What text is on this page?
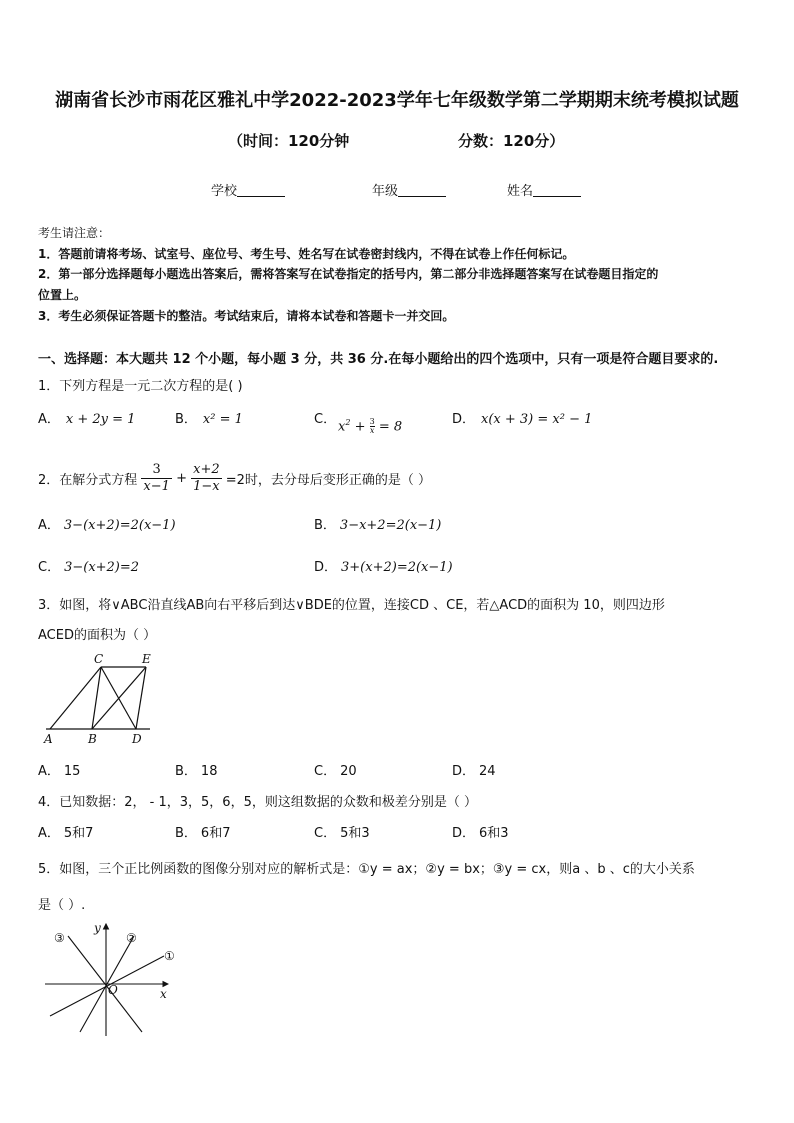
湖南省长沙市雨花区雅礼中学2022-2023学年七年级数学第二学期期末统考模拟试题
（时间：120分钟	分数：120分）
学校	年级	姓名
考生请注意：
1．答题前请将考场、试室号、座位号、考生号、姓名写在试卷密封线内，不得在试卷上作任何标记。
2．第一部分选择题每小题选出答案后，需将答案写在试卷指定的括号内，第二部分非选择题答案写在试卷题目指定的
位置上。
3．考生必须保证答题卡的整洁。考试结束后，请将本试卷和答题卡一并交回。
一、选择题：本大题共 12 个小题，每小题 3 分，共 36 分.在每小题给出的四个选项中，只有一项是符合题目要求的.
1．下列方程是一元二次方程的是( )
A． x + 2y = 1	B． x² = 1	C． $x^2 + \frac{3}{x} = 8$	D． x(x + 3) = x² − 1
2．在解分式方程 $\frac{3}{x-1} + \frac{x+2}{1-x} =2$时，去分母后变形正确的是（ ）
A． 3−(x+2)=2(x−1)	B． 3−x+2=2(x−1)
C． 3−(x+2)=2	D． 3+(x+2)=2(x−1)
3．如图，将∨ABC沿直线AB向右平移后到达∨BDE的位置，连接CD 、CE，若△ACD的面积为 10，则四边形
ACED的面积为（ ）
C	E
A	B	D
A． 15	B． 18	C． 20	D． 24
4．已知数据：2， - 1，3，5，6，5，则这组数据的众数和极差分别是（ ）
A． 5和7	B． 6和7	C． 5和3	D． 6和3
5．如图，三个正比例函数的图像分别对应的解析式是：①y = ax；②y = bx；③y = cx，则a 、b 、c的大小关系
是（ ）.
③
y
②
①
O	x
